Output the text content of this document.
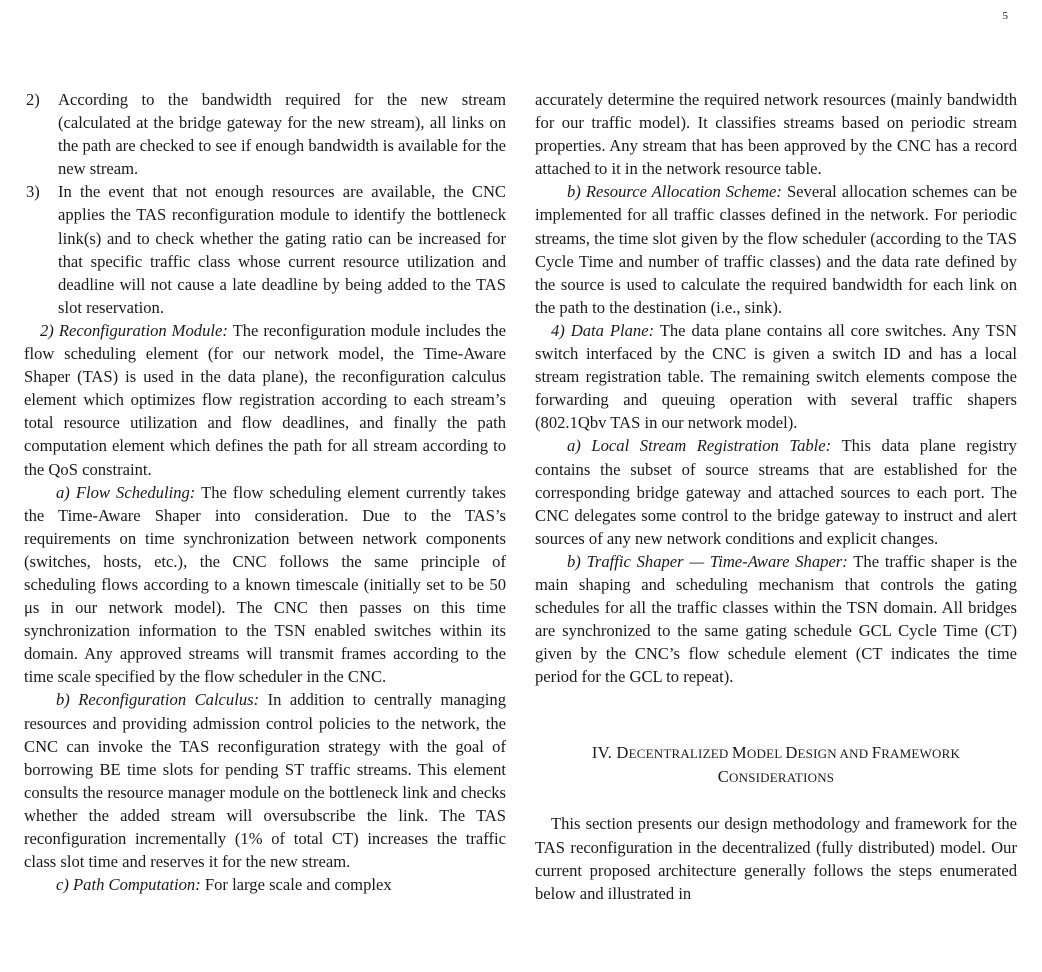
5
2) According to the bandwidth required for the new stream (calculated at the bridge gateway for the new stream), all links on the path are checked to see if enough bandwidth is available for the new stream.
3) In the event that not enough resources are available, the CNC applies the TAS reconfiguration module to identify the bottleneck link(s) and to check whether the gating ratio can be increased for that specific traffic class whose current resource utilization and deadline will not cause a late deadline by being added to the TAS slot reservation.

2) Reconfiguration Module: The reconfiguration module includes the flow scheduling element (for our network model, the Time-Aware Shaper (TAS) is used in the data plane), the reconfiguration calculus element which optimizes flow registration according to each stream’s total resource utilization and flow deadlines, and finally the path computation element which defines the path for all stream according to the QoS constraint.

a) Flow Scheduling: The flow scheduling element currently takes the Time-Aware Shaper into consideration. Due to the TAS’s requirements on time synchronization between network components (switches, hosts, etc.), the CNC follows the same principle of scheduling flows according to a known timescale (initially set to be 50 μs in our network model). The CNC then passes on this time synchronization information to the TSN enabled switches within its domain. Any approved streams will transmit frames according to the time scale specified by the flow scheduler in the CNC.

b) Reconfiguration Calculus: In addition to centrally managing resources and providing admission control policies to the network, the CNC can invoke the TAS reconfiguration strategy with the goal of borrowing BE time slots for pending ST traffic streams. This element consults the resource manager module on the bottleneck link and checks whether the added stream will oversubscribe the link. The TAS reconfiguration incrementally (1% of total CT) increases the traffic class slot time and reserves it for the new stream.

c) Path Computation: For large scale and complex

accurately determine the required network resources (mainly bandwidth for our traffic model). It classifies streams based on periodic stream properties. Any stream that has been approved by the CNC has a record attached to it in the network resource table.

b) Resource Allocation Scheme: Several allocation schemes can be implemented for all traffic classes defined in the network. For periodic streams, the time slot given by the flow scheduler (according to the TAS Cycle Time and number of traffic classes) and the data rate defined by the source is used to calculate the required bandwidth for each link on the path to the destination (i.e., sink).

4) Data Plane: The data plane contains all core switches. Any TSN switch interfaced by the CNC is given a switch ID and has a local stream registration table. The remaining switch elements compose the forwarding and queuing operation with several traffic shapers (802.1Qbv TAS in our network model).

a) Local Stream Registration Table: This data plane registry contains the subset of source streams that are established for the corresponding bridge gateway and attached sources to each port. The CNC delegates some control to the bridge gateway to instruct and alert sources of any new network conditions and explicit changes.

b) Traffic Shaper — Time-Aware Shaper: The traffic shaper is the main shaping and scheduling mechanism that controls the gating schedules for all the traffic classes within the TSN domain. All bridges are synchronized to the same gating schedule GCL Cycle Time (CT) given by the CNC’s flow schedule element (CT indicates the time period for the GCL to repeat).

IV. DECENTRALIZED MODEL DESIGN AND FRAMEWORK
CONSIDERATIONS

This section presents our design methodology and framework for the TAS reconfiguration in the decentralized (fully distributed) model. Our current proposed architecture generally follows the steps enumerated below and illustrated in
